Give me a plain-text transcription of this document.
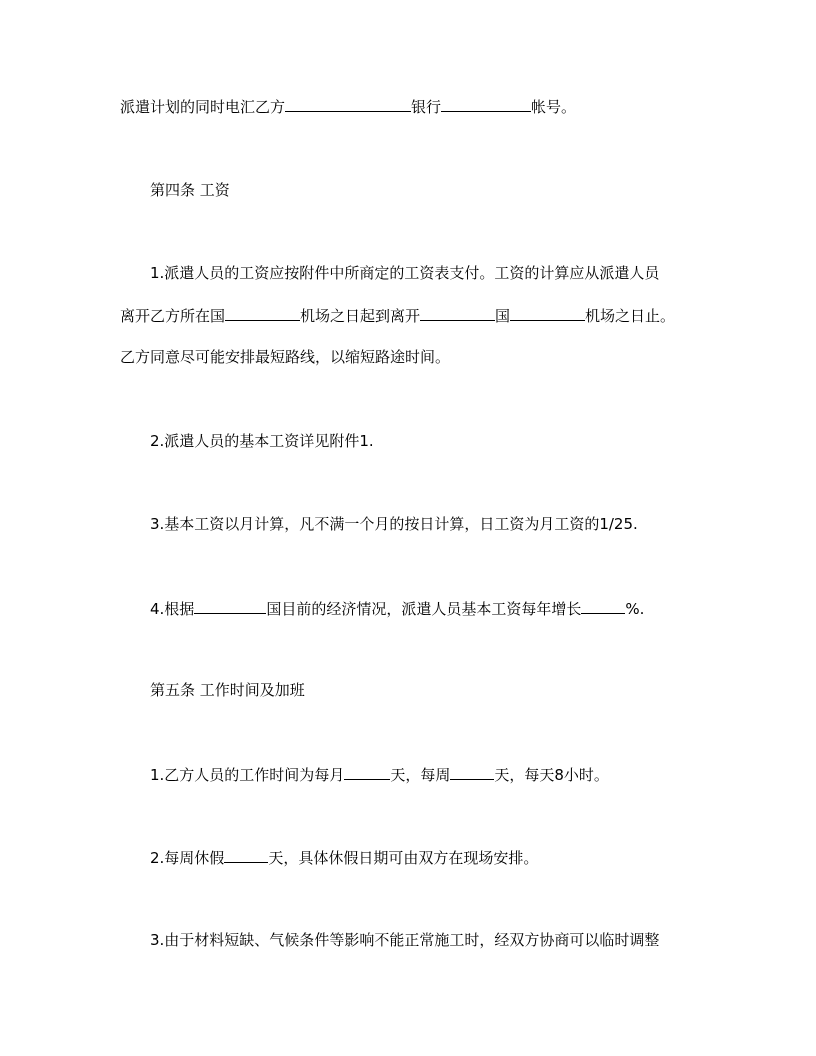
派遣计划的同时电汇乙方	银行	帐号。
第四条 工资
1.派遣人员的工资应按附件中所商定的工资表支付。工资的计算应从派遣人员
离开乙方所在国	机场之日起到离开	国	机场之日止。
乙方同意尽可能安排最短路线，以缩短路途时间。
2.派遣人员的基本工资详见附件1.
3.基本工资以月计算，凡不满一个月的按日计算，日工资为月工资的1/25.
4.根据	国目前的经济情况，派遣人员基本工资每年增长	%.
第五条 工作时间及加班
1.乙方人员的工作时间为每月	天，每周	天，每天8小时。
2.每周休假	天，具体休假日期可由双方在现场安排。
3.由于材料短缺、气候条件等影响不能正常施工时，经双方协商可以临时调整
